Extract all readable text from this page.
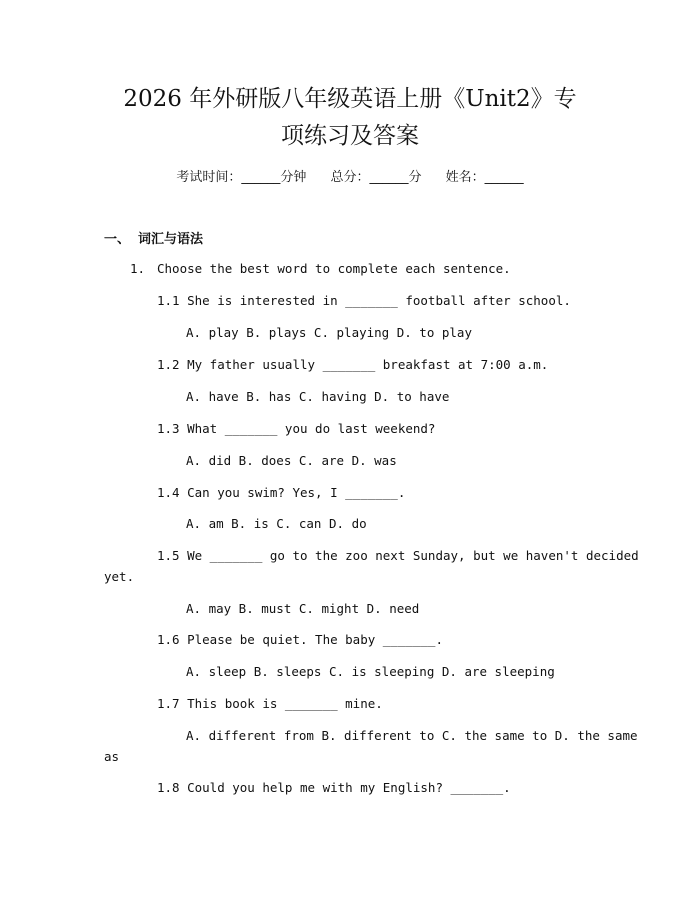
2026 年外研版八年级英语上册《Unit2》专
项练习及答案
考试时间：______分钟 总分：______分 姓名：______
一、 词汇与语法
1. Choose the best word to complete each sentence.
1.1 She is interested in _______ football after school.
A. play B. plays C. playing D. to play
1.2 My father usually _______ breakfast at 7:00 a.m.
A. have B. has C. having D. to have
1.3 What _______ you do last weekend?
A. did B. does C. are D. was
1.4 Can you swim? Yes, I _______.
A. am B. is C. can D. do
1.5 We _______ go to the zoo next Sunday, but we haven't decided
yet.
A. may B. must C. might D. need
1.6 Please be quiet. The baby _______.
A. sleep B. sleeps C. is sleeping D. are sleeping
1.7 This book is _______ mine.
A. different from B. different to C. the same to D. the same
as
1.8 Could you help me with my English? _______.
